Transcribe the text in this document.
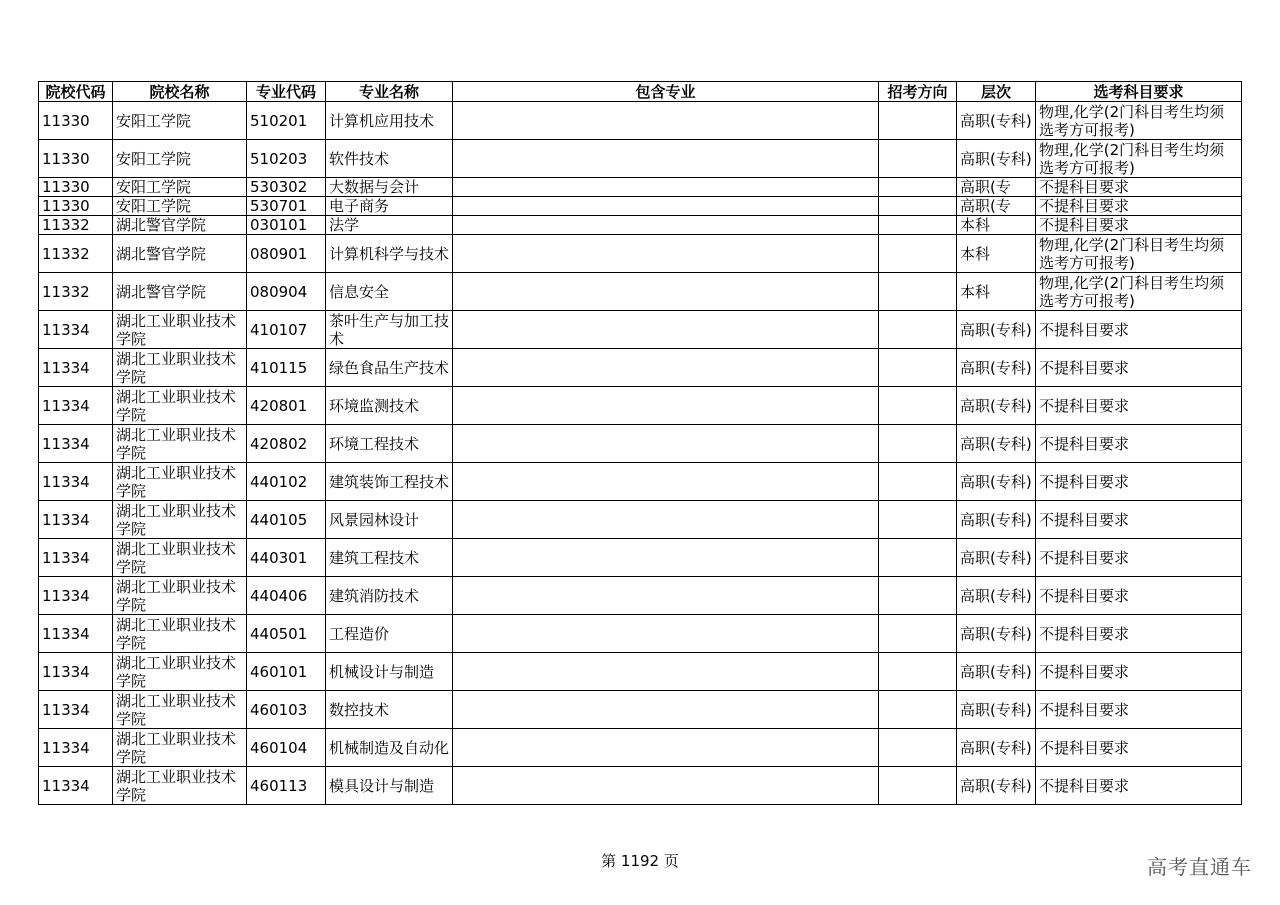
院校代码	院校名称	专业代码	专业名称	包含专业	招考方向	层次	选考科目要求
11330	安阳工学院	510201	计算机应用技术			高职(专科)	物理,化学(2门科目考生均须选考方可报考)
11330	安阳工学院	510203	软件技术			高职(专科)	物理,化学(2门科目考生均须选考方可报考)
11330	安阳工学院	530302	大数据与会计			高职(专	不提科目要求
11330	安阳工学院	530701	电子商务			高职(专	不提科目要求
11332	湖北警官学院	030101	法学			本科	不提科目要求
11332	湖北警官学院	080901	计算机科学与技术			本科	物理,化学(2门科目考生均须选考方可报考)
11332	湖北警官学院	080904	信息安全			本科	物理,化学(2门科目考生均须选考方可报考)
11334	湖北工业职业技术学院	410107	茶叶生产与加工技术			高职(专科)	不提科目要求
11334	湖北工业职业技术学院	410115	绿色食品生产技术			高职(专科)	不提科目要求
11334	湖北工业职业技术学院	420801	环境监测技术			高职(专科)	不提科目要求
11334	湖北工业职业技术学院	420802	环境工程技术			高职(专科)	不提科目要求
11334	湖北工业职业技术学院	440102	建筑装饰工程技术			高职(专科)	不提科目要求
11334	湖北工业职业技术学院	440105	风景园林设计			高职(专科)	不提科目要求
11334	湖北工业职业技术学院	440301	建筑工程技术			高职(专科)	不提科目要求
11334	湖北工业职业技术学院	440406	建筑消防技术			高职(专科)	不提科目要求
11334	湖北工业职业技术学院	440501	工程造价			高职(专科)	不提科目要求
11334	湖北工业职业技术学院	460101	机械设计与制造			高职(专科)	不提科目要求
11334	湖北工业职业技术学院	460103	数控技术			高职(专科)	不提科目要求
11334	湖北工业职业技术学院	460104	机械制造及自动化			高职(专科)	不提科目要求
11334	湖北工业职业技术学院	460113	模具设计与制造			高职(专科)	不提科目要求
第 1192 页	高考直通车
